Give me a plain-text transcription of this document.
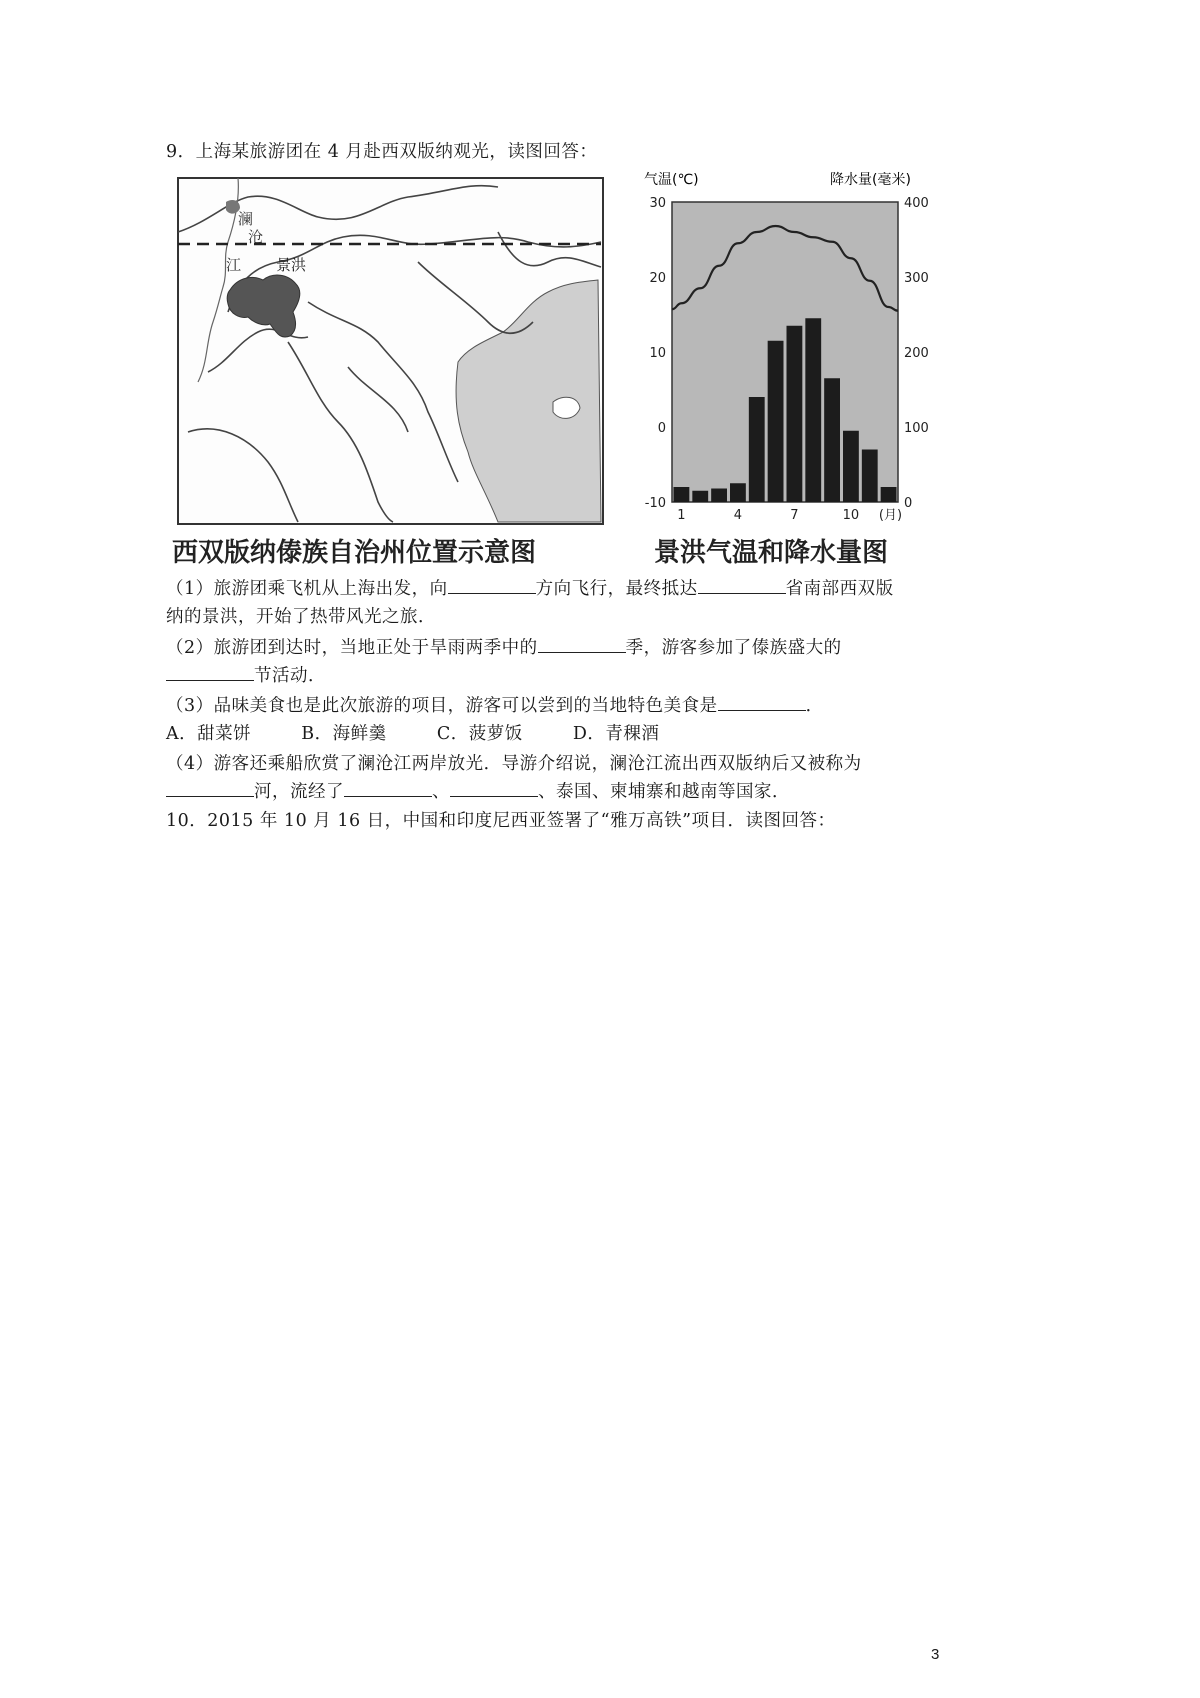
9．上海某旅游团在 4 月赴西双版纳观光，读图回答：
澜
沧
江 景洪
西双版纳傣族自治州位置示意图
气温(℃)	降水量(毫米)
30
20
10
0
-10
400
300
200
100
0
1	4	7	10 (月)
景洪气温和降水量图
（1）旅游团乘飞机从上海出发，向	方向飞行，最终抵达	省南部西双版
纳的景洪，开始了热带风光之旅．
（2）旅游团到达时，当地正处于旱雨两季中的	季，游客参加了傣族盛大的
节活动．
（3）品味美食也是此次旅游的项目，游客可以尝到的当地特色美食是	．
A．甜菜饼	B．海鲜羹	C．菠萝饭	D．青稞酒
（4）游客还乘船欣赏了澜沧江两岸放光．导游介绍说，澜沧江流出西双版纳后又被称为
河，流经了	、	、泰国、柬埔寨和越南等国家．
10．2015 年 10 月 16 日，中国和印度尼西亚签署了“雅万高铁”项目．读图回答：
3
